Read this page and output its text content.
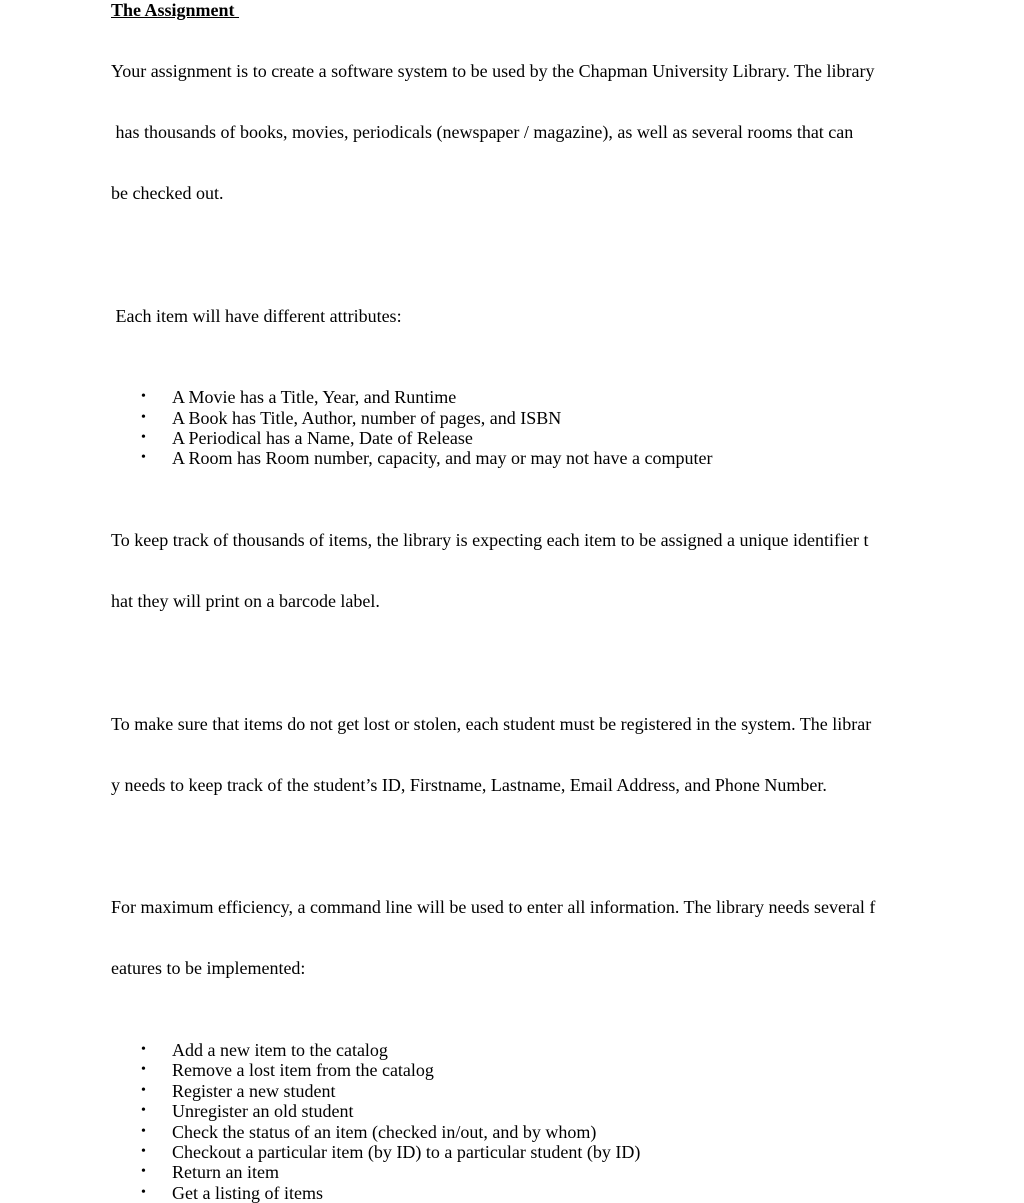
The Assignment

Your assignment is to create a software system to be used by the Chapman University Library. The library

has thousands of books, movies, periodicals (newspaper / magazine), as well as several rooms that can

be checked out.

Each item will have different attributes:

• A Movie has a Title, Year, and Runtime
• A Book has Title, Author, number of pages, and ISBN
• A Periodical has a Name, Date of Release
• A Room has Room number, capacity, and may or may not have a computer

To keep track of thousands of items, the library is expecting each item to be assigned a unique identifier t

hat they will print on a barcode label.

To make sure that items do not get lost or stolen, each student must be registered in the system. The librar

y needs to keep track of the student’s ID, Firstname, Lastname, Email Address, and Phone Number.

For maximum efficiency, a command line will be used to enter all information. The library needs several f

eatures to be implemented:

• Add a new item to the catalog
• Remove a lost item from the catalog
• Register a new student
• Unregister an old student
• Check the status of an item (checked in/out, and by whom)
• Checkout a particular item (by ID) to a particular student (by ID)
• Return an item
• Get a listing of items
